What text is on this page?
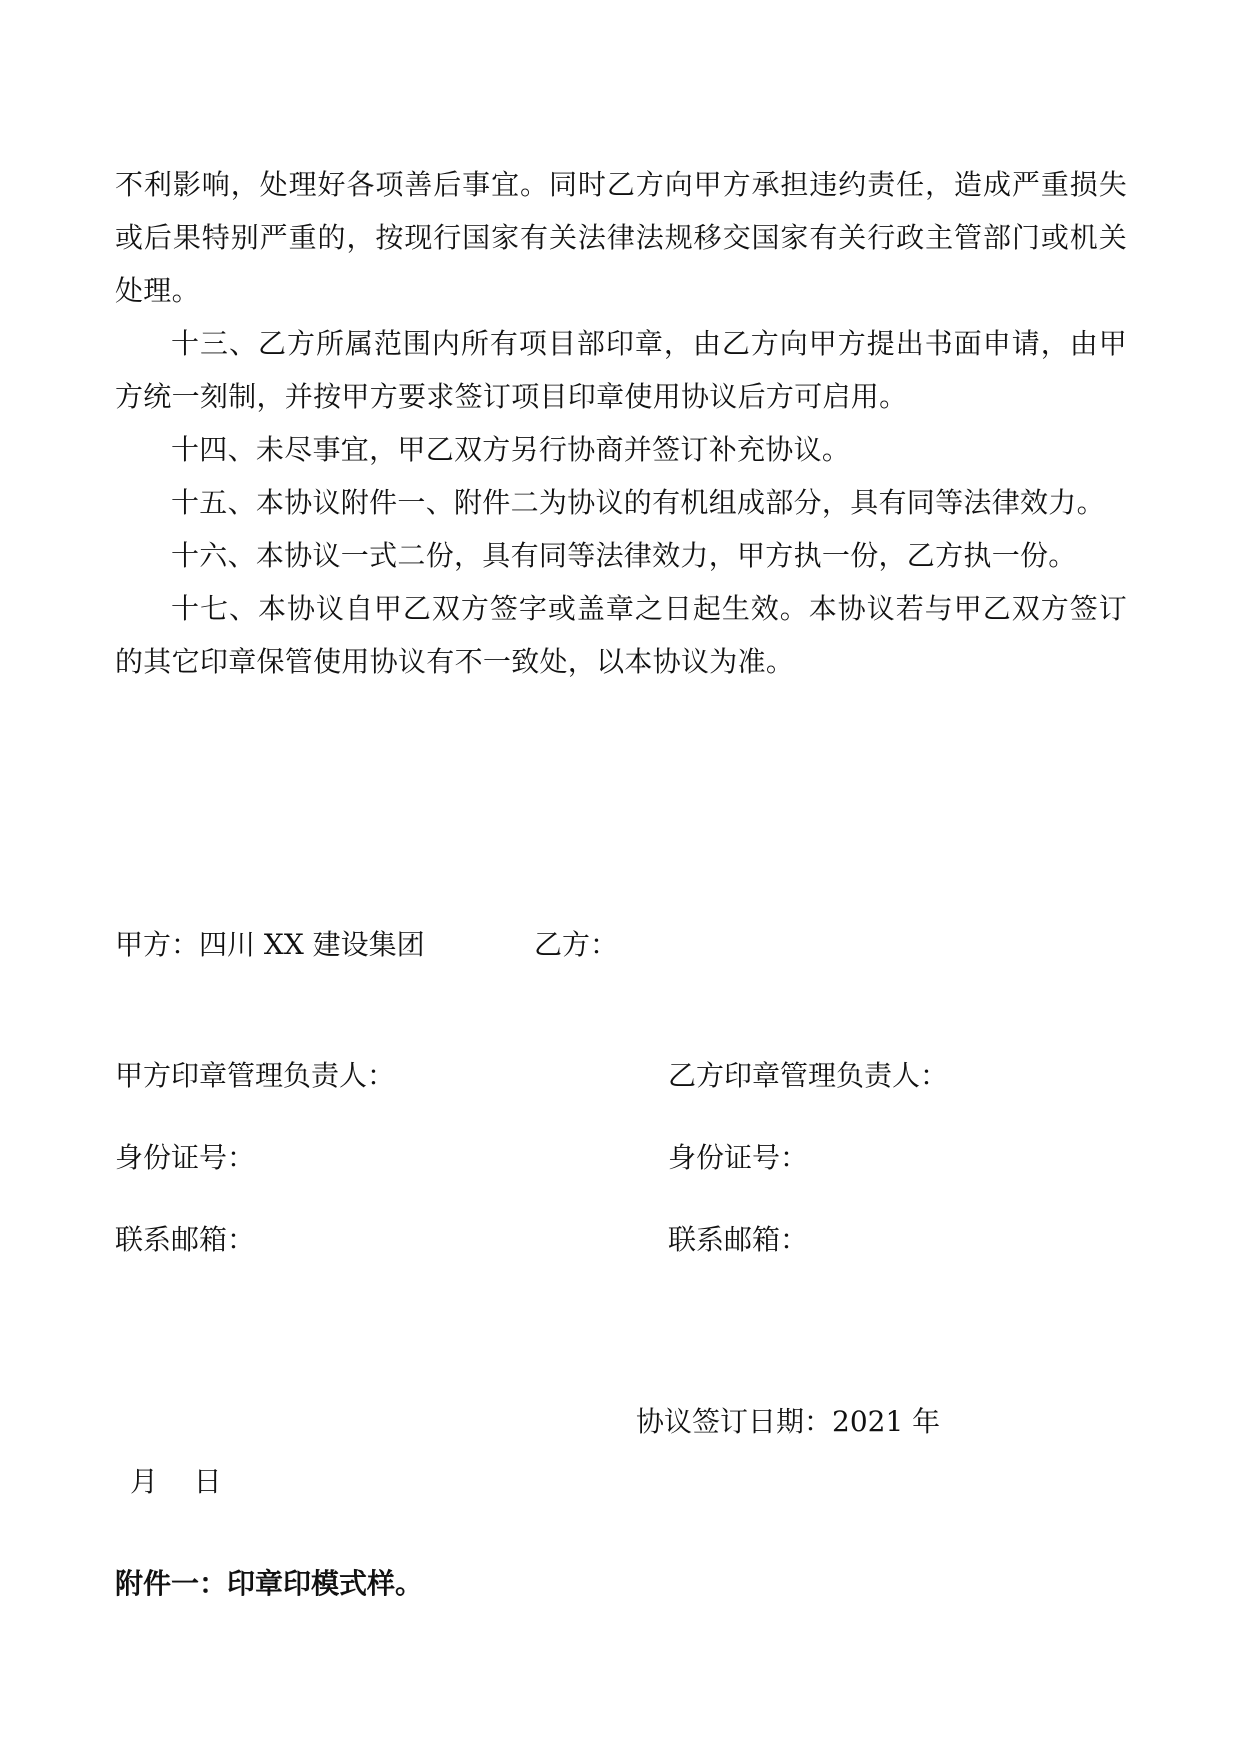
不利影响，处理好各项善后事宜。同时乙方向甲方承担违约责任，造成严重损失或后果特别严重的，按现行国家有关法律法规移交国家有关行政主管部门或机关处理。

十三、乙方所属范围内所有项目部印章，由乙方向甲方提出书面申请，由甲方统一刻制，并按甲方要求签订项目印章使用协议后方可启用。

十四、未尽事宜，甲乙双方另行协商并签订补充协议。

十五、本协议附件一、附件二为协议的有机组成部分，具有同等法律效力。

十六、本协议一式二份，具有同等法律效力，甲方执一份，乙方执一份。

十七、本协议自甲乙双方签字或盖章之日起生效。本协议若与甲乙双方签订的其它印章保管使用协议有不一致处，以本协议为准。

甲方：四川 XX 建设集团	乙方：
甲方印章管理负责人：	乙方印章管理负责人：
身份证号：	身份证号：
联系邮箱：	联系邮箱：
协议签订日期：2021 年
月    日
附件一：印章印模式样。
